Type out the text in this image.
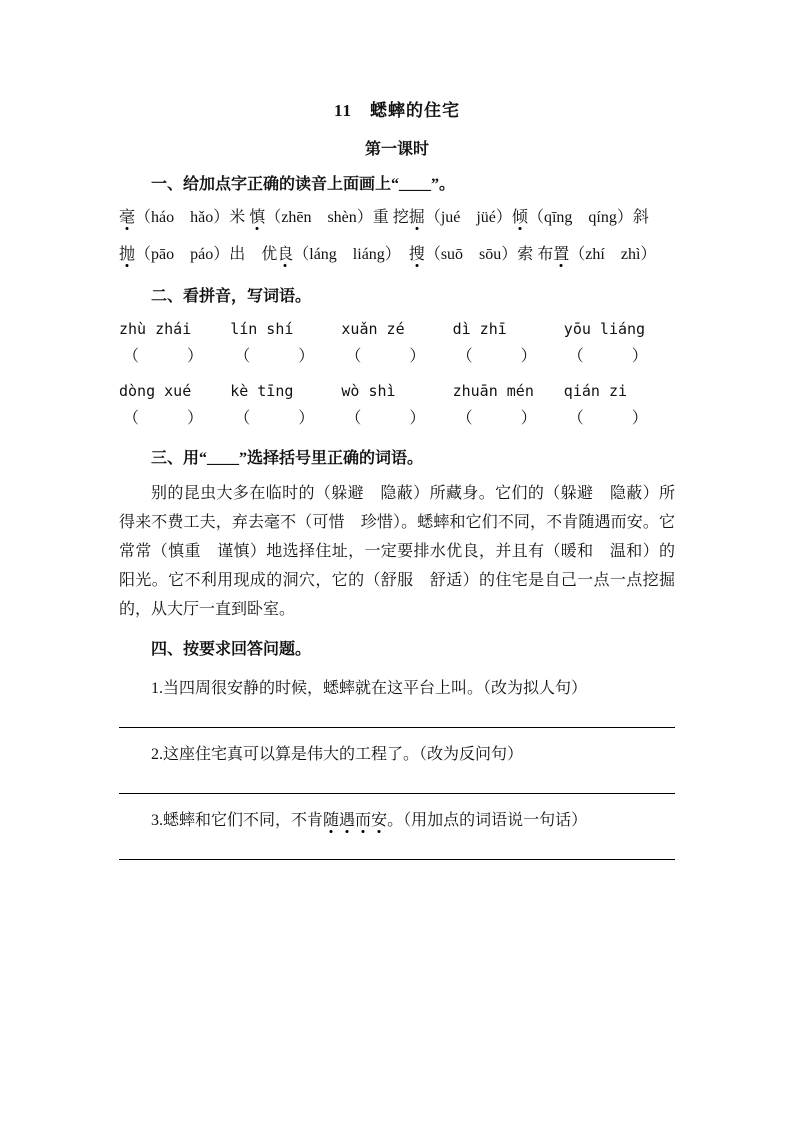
11　蟋蟀的住宅
第一课时
一、给加点字正确的读音上面画上“____”。
毫（háo　hǎo）米 慎（zhēn　shèn）重 挖掘（jué　jüé）倾（qīng　qíng）斜
抛（pāo　páo）出　优良（láng　liáng）　搜（suō　sōu）索 布置（zhí　zhì）
二、看拼音，写词语。
zhù zhái	lín shí	xuǎn zé	dì zhī	yōu liáng
（　　　）	（　　　）	（　　　）	（　　　）	（　　　）
dòng xué	kè tīng	wò shì	zhuān mén	qián zi
（　　　）	（　　　）	（　　　）	（　　　）	（　　　）
三、用“____”选择括号里正确的词语。

别的昆虫大多在临时的（躲避　隐蔽）所藏身。它们的（躲避　隐蔽）所得来不费工夫，弃去毫不（可惜　珍惜）。蟋蟀和它们不同，不肯随遇而安。它常常（慎重　谨慎）地选择住址，一定要排水优良，并且有（暖和　温和）的阳光。它不利用现成的洞穴，它的（舒服　舒适）的住宅是自己一点一点挖掘的，从大厅一直到卧室。

四、按要求回答问题。
1.当四周很安静的时候，蟋蟀就在这平台上叫。（改为拟人句）
2.这座住宅真可以算是伟大的工程了。（改为反问句）
3.蟋蟀和它们不同，不肯随遇而安。（用加点的词语说一句话）
